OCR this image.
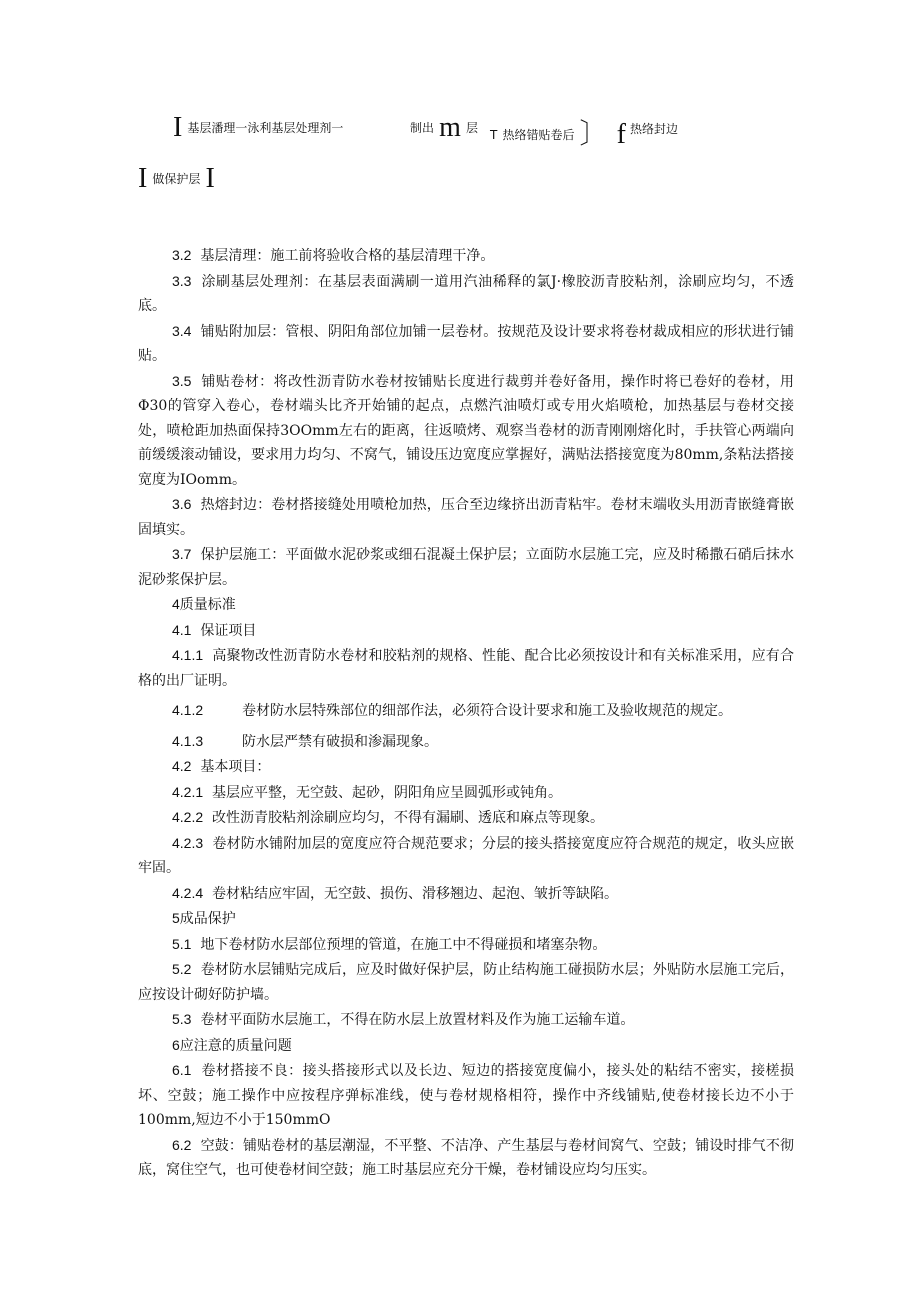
I 基层潘理一泳利基层处理剂一	制出 m 层 T 热络错贴卷后 〕 f 热络封边
I 做保护层 I

3.2 基层清理：施工前将验收合格的基层清理干净。

3.3 涂刷基层处理剂：在基层表面满刷一道用汽油稀释的氯J·橡胶沥青胶粘剂，涂刷应均匀，不透底。

3.4 铺贴附加层：管根、阴阳角部位加铺一层卷材。按规范及设计要求将卷材裁成相应的形状进行铺贴。

3.5 铺贴卷材：将改性沥青防水卷材按铺贴长度进行裁剪并卷好备用，操作时将已卷好的卷材，用Φ30的管穿入卷心，卷材端头比齐开始铺的起点，点燃汽油喷灯或专用火焰喷枪，加热基层与卷材交接处，喷枪距加热面保持3OOmm左右的距离，往返喷烤、观察当卷材的沥青刚刚熔化时，手扶管心两端向前缓缓滚动铺设，要求用力均匀、不窝气，铺设压边宽度应掌握好，满贴法搭接宽度为80mm,条粘法搭接宽度为IOomm。

3.6 热熔封边：卷材搭接缝处用喷枪加热，压合至边缘挤出沥青粘牢。卷材末端收头用沥青嵌缝膏嵌固填实。

3.7 保护层施工：平面做水泥砂浆或细石混凝土保护层；立面防水层施工完，应及时稀撒石硝后抹水泥砂浆保护层。

4质量标准

4.1 保证项目

4.1.1 高聚物改性沥青防水卷材和胶粘剂的规格、性能、配合比必须按设计和有关标准采用，应有合格的出厂证明。

4.1.2	卷材防水层特殊部位的细部作法，必须符合设计要求和施工及验收规范的规定。

4.1.3	防水层严禁有破损和渗漏现象。

4.2 基本项目：

4.2.1 基层应平整，无空鼓、起砂，阴阳角应呈圆弧形或钝角。

4.2.2 改性沥青胶粘剂涂刷应均匀，不得有漏刷、透底和麻点等现象。

4.2.3 卷材防水铺附加层的宽度应符合规范要求；分层的接头搭接宽度应符合规范的规定，收头应嵌牢固。

4.2.4 卷材粘结应牢固，无空鼓、损伤、滑移翘边、起泡、皱折等缺陷。

5成品保护

5.1 地下卷材防水层部位预埋的管道，在施工中不得碰损和堵塞杂物。

5.2 卷材防水层铺贴完成后，应及时做好保护层，防止结构施工碰损防水层；外贴防水层施工完后，应按设计砌好防护墙。

5.3 卷材平面防水层施工，不得在防水层上放置材料及作为施工运输车道。

6应注意的质量问题

6.1 卷材搭接不良：接头搭接形式以及长边、短边的搭接宽度偏小，接头处的粘结不密实，接槎损坏、空鼓；施工操作中应按程序弹标准线，使与卷材规格相符，操作中齐线铺贴,使卷材接长边不小于100mm,短边不小于150mmO

6.2 空鼓：铺贴卷材的基层潮湿，不平整、不洁净、产生基层与卷材间窝气、空鼓；铺设时排气不彻底，窝住空气，也可使卷材间空鼓；施工时基层应充分干燥，卷材铺设应均匀压实。
